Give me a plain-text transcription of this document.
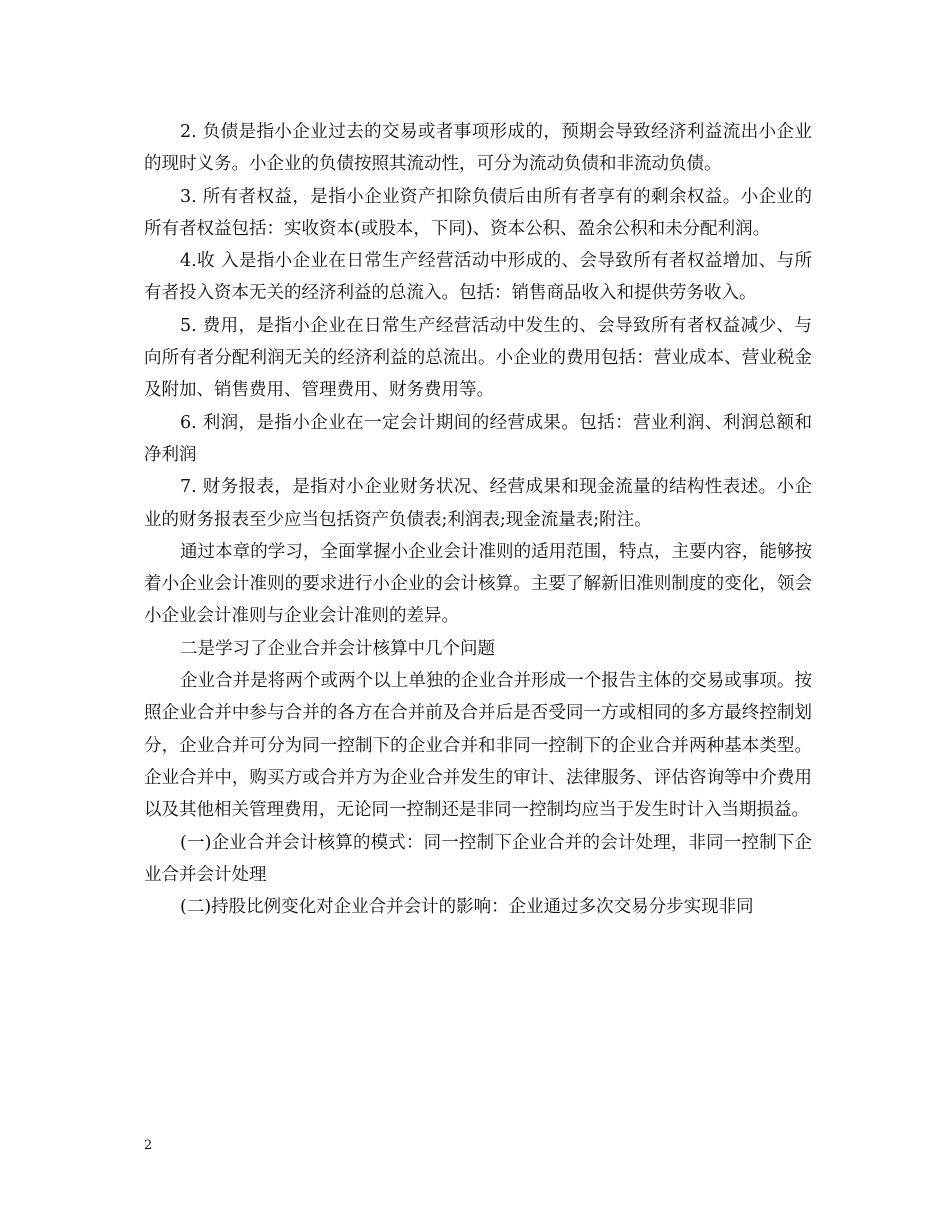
2. 负债是指小企业过去的交易或者事项形成的，预期会导致经济利益流出小企业的现时义务。小企业的负债按照其流动性，可分为流动负债和非流动负债。

3. 所有者权益，是指小企业资产扣除负债后由所有者享有的剩余权益。小企业的所有者权益包括：实收资本(或股本，下同)、资本公积、盈余公积和未分配利润。

4.收 入是指小企业在日常生产经营活动中形成的、会导致所有者权益增加、与所有者投入资本无关的经济利益的总流入。包括：销售商品收入和提供劳务收入。

5. 费用，是指小企业在日常生产经营活动中发生的、会导致所有者权益减少、与向所有者分配利润无关的经济利益的总流出。小企业的费用包括：营业成本、营业税金及附加、销售费用、管理费用、财务费用等。

6. 利润，是指小企业在一定会计期间的经营成果。包括：营业利润、利润总额和净利润

7. 财务报表，是指对小企业财务状况、经营成果和现金流量的结构性表述。小企业的财务报表至少应当包括资产负债表;利润表;现金流量表;附注。

通过本章的学习，全面掌握小企业会计准则的适用范围，特点，主要内容，能够按着小企业会计准则的要求进行小企业的会计核算。主要了解新旧准则制度的变化，领会小企业会计准则与企业会计准则的差异。

二是学习了企业合并会计核算中几个问题

企业合并是将两个或两个以上单独的企业合并形成一个报告主体的交易或事项。按照企业合并中参与合并的各方在合并前及合并后是否受同一方或相同的多方最终控制划分，企业合并可分为同一控制下的企业合并和非同一控制下的企业合并两种基本类型。企业合并中，购买方或合并方为企业合并发生的审计、法律服务、评估咨询等中介费用以及其他相关管理费用，无论同一控制还是非同一控制均应当于发生时计入当期损益。

(一)企业合并会计核算的模式：同一控制下企业合并的会计处理，非同一控制下企业合并会计处理

(二)持股比例变化对企业合并会计的影响：企业通过多次交易分步实现非同

2
